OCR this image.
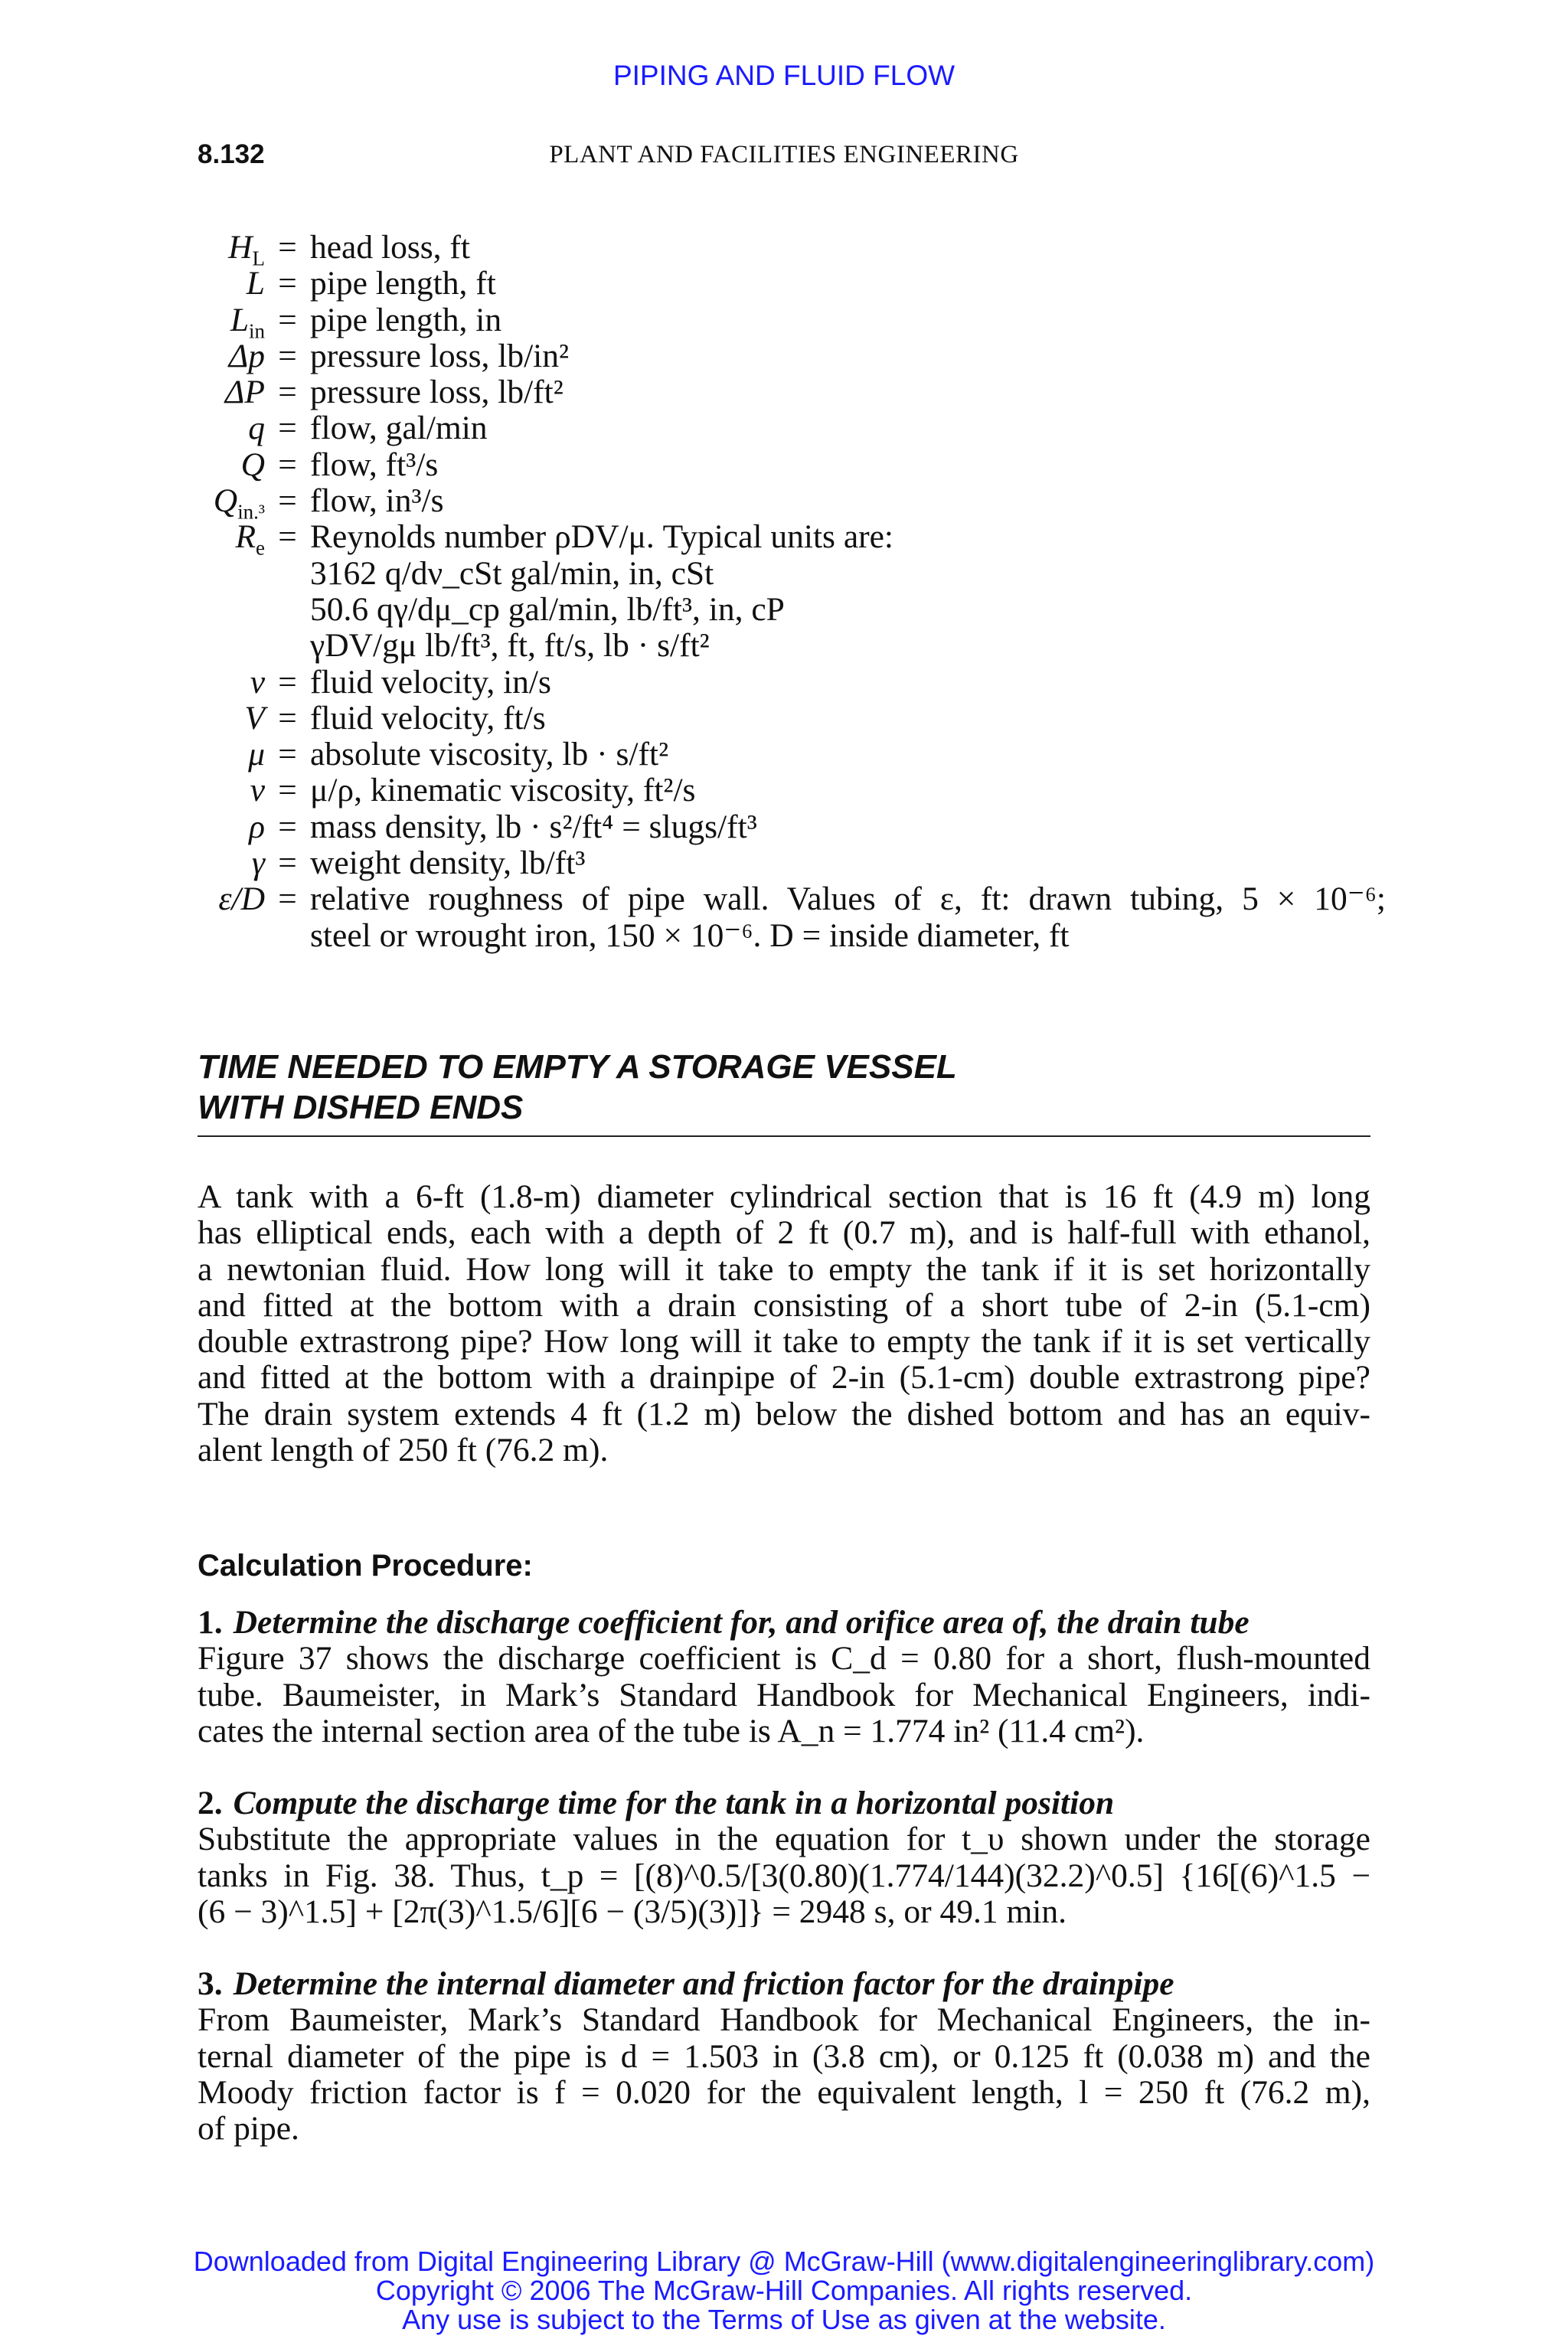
PIPING AND FLUID FLOW
8.132	PLANT AND FACILITIES ENGINEERING
$H_L$ = head loss, ft
L = pipe length, ft
$L_{in}$ = pipe length, in
Δp = pressure loss, lb/in²
ΔP = pressure loss, lb/ft²
q = flow, gal/min
Q = flow, ft³/s
$Q_{in.^3}$ = flow, in³/s
$R_e$ = Reynolds number ρDV/μ. Typical units are:
3162 q/dν_cSt gal/min, in, cSt
50.6 qγ/dμ_cp gal/min, lb/ft³, in, cP
γDV/gμ lb/ft³, ft, ft/s, lb · s/ft²
ν = fluid velocity, in/s
V = fluid velocity, ft/s
μ = absolute viscosity, lb · s/ft²
ν = μ/ρ, kinematic viscosity, ft²/s
ρ = mass density, lb · s²/ft⁴ = slugs/ft³
γ = weight density, lb/ft³
ε/D = relative roughness of pipe wall. Values of ε, ft: drawn tubing, 5 × 10⁻⁶;
steel or wrought iron, 150 × 10⁻⁶. D = inside diameter, ft
TIME NEEDED TO EMPTY A STORAGE VESSEL
WITH DISHED ENDS
A tank with a 6-ft (1.8-m) diameter cylindrical section that is 16 ft (4.9 m) long
has elliptical ends, each with a depth of 2 ft (0.7 m), and is half-full with ethanol,
a newtonian fluid. How long will it take to empty the tank if it is set horizontally
and fitted at the bottom with a drain consisting of a short tube of 2-in (5.1-cm)
double extrastrong pipe? How long will it take to empty the tank if it is set vertically
and fitted at the bottom with a drainpipe of 2-in (5.1-cm) double extrastrong pipe?
The drain system extends 4 ft (1.2 m) below the dished bottom and has an equiv-
alent length of 250 ft (76.2 m).
Calculation Procedure:
1. Determine the discharge coefficient for, and orifice area of, the drain tube
Figure 37 shows the discharge coefficient is C_d = 0.80 for a short, flush-mounted
tube. Baumeister, in Mark’s Standard Handbook for Mechanical Engineers, indi-
cates the internal section area of the tube is A_n = 1.774 in² (11.4 cm²).
2. Compute the discharge time for the tank in a horizontal position
Substitute the appropriate values in the equation for t_υ shown under the storage
tanks in Fig. 38. Thus, t_p = [(8)^0.5/[3(0.80)(1.774/144)(32.2)^0.5] {16[(6)^1.5 −
(6 − 3)^1.5] + [2π(3)^1.5/6][6 − (3/5)(3)]} = 2948 s, or 49.1 min.
3. Determine the internal diameter and friction factor for the drainpipe
From Baumeister, Mark’s Standard Handbook for Mechanical Engineers, the in-
ternal diameter of the pipe is d = 1.503 in (3.8 cm), or 0.125 ft (0.038 m) and the
Moody friction factor is f = 0.020 for the equivalent length, l = 250 ft (76.2 m),
of pipe.
Downloaded from Digital Engineering Library @ McGraw-Hill (www.digitalengineeringlibrary.com)
Copyright © 2006 The McGraw-Hill Companies. All rights reserved.
Any use is subject to the Terms of Use as given at the website.
